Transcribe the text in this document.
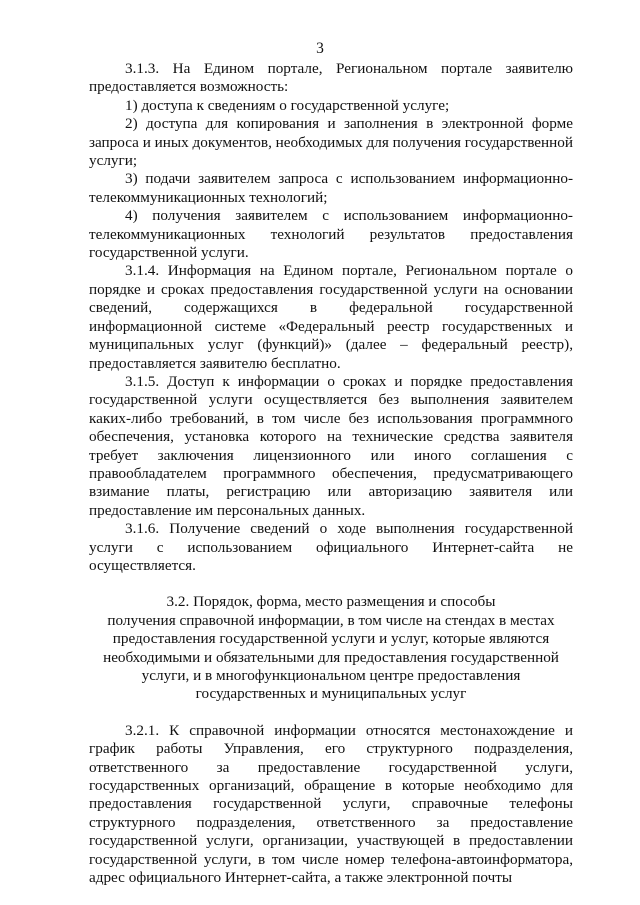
3

3.1.3. На Едином портале, Региональном портале заявителю предоставляется возможность:

1) доступа к сведениям о государственной услуге;

2) доступа для копирования и заполнения в электронной форме запроса и иных документов, необходимых для получения государственной услуги;

3) подачи заявителем запроса с использованием информационно-телекоммуникационных технологий;

4) получения заявителем с использованием информационно-телекоммуникационных технологий результатов предоставления государственной услуги.

3.1.4. Информация на Едином портале, Региональном портале о порядке и сроках предоставления государственной услуги на основании сведений, содержащихся в федеральной государственной информационной системе «Федеральный реестр государственных и муниципальных услуг (функций)» (далее – федеральный реестр), предоставляется заявителю бесплатно.

3.1.5. Доступ к информации о сроках и порядке предоставления государственной услуги осуществляется без выполнения заявителем каких-либо требований, в том числе без использования программного обеспечения, установка которого на технические средства заявителя требует заключения лицензионного или иного соглашения с правообладателем программного обеспечения, предусматривающего взимание платы, регистрацию или авторизацию заявителя или предоставление им персональных данных.

3.1.6. Получение сведений о ходе выполнения государственной услуги с использованием официального Интернет-сайта не осуществляется.

3.2. Порядок, форма, место размещения и способы

получения справочной информации, в том числе на стендах в местах

предоставления государственной услуги и услуг, которые являются

необходимыми и обязательными для предоставления государственной

услуги, и в многофункциональном центре предоставления

государственных и муниципальных услуг

3.2.1. К справочной информации относятся местонахождение и график работы Управления, его структурного подразделения, ответственного за предоставление государственной услуги, государственных организаций, обращение в которые необходимо для предоставления государственной услуги, справочные телефоны структурного подразделения, ответственного за предоставление государственной услуги, организации, участвующей в предоставлении государственной услуги, в том числе номер телефона-автоинформатора, адрес официального Интернет-сайта, а также электронной почты
